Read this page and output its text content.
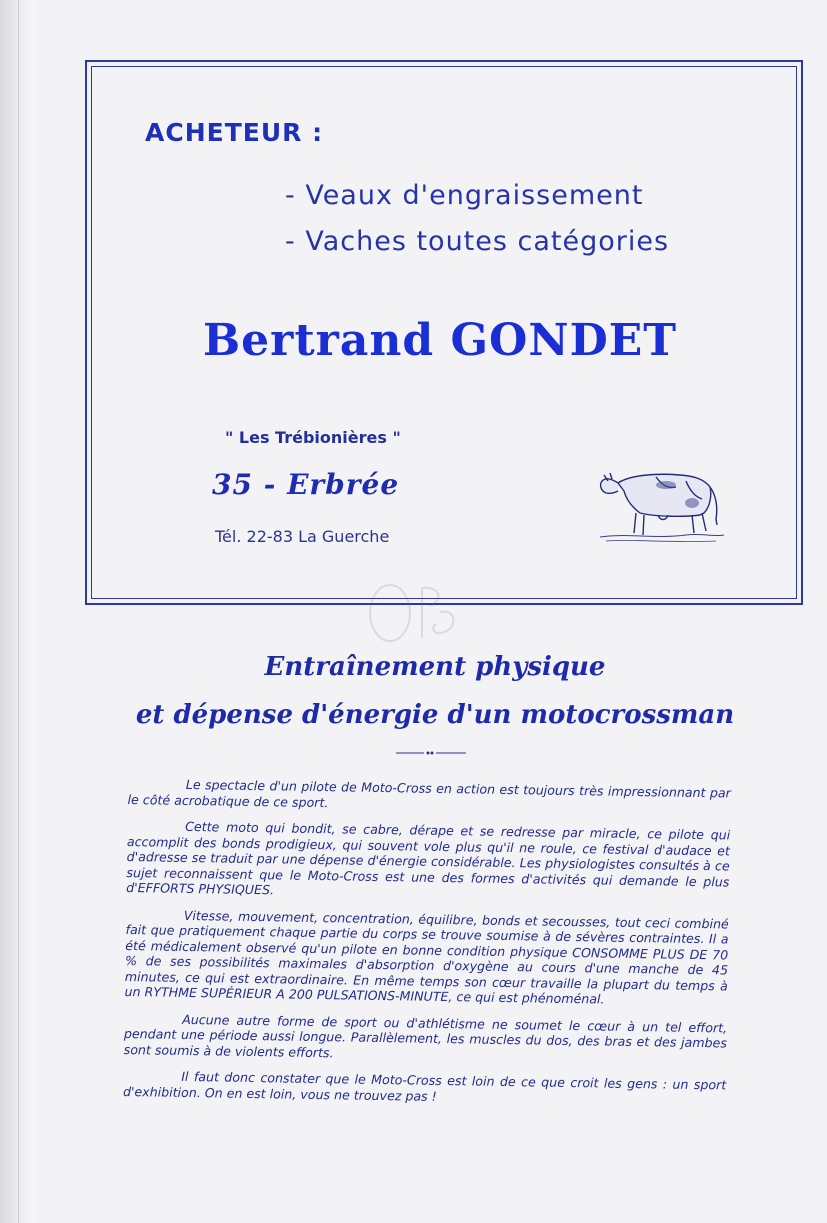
ACHETEUR :
- Veaux d'engraissement
- Vaches toutes catégories
Bertrand GONDET
" Les Trébionières "
35 - Erbrée
Tél. 22-83 La Guerche
Entraînement physique
et dépense d'énergie d'un motocrossman

Le spectacle d'un pilote de Moto-Cross en action est toujours très impressionnant par le côté acrobatique de ce sport.

Cette moto qui bondit, se cabre, dérape et se redresse par miracle, ce pilote qui accomplit des bonds prodigieux, qui souvent vole plus qu'il ne roule, ce festival d'audace et d'adresse se traduit par une dépense d'énergie considérable. Les physiologistes consultés à ce sujet reconnaissent que le Moto-Cross est une des formes d'activités qui demande le plus d'EFFORTS PHYSIQUES.

Vitesse, mouvement, concentration, équilibre, bonds et secousses, tout ceci combiné fait que pratiquement chaque partie du corps se trouve soumise à de sévères contraintes. Il a été médicalement observé qu'un pilote en bonne condition physique CONSOMME PLUS DE 70 % de ses possibilités maximales d'absorption d'oxygène au cours d'une manche de 45 minutes, ce qui est extraordinaire. En même temps son cœur travaille la plupart du temps à un RYTHME SUPÉRIEUR A 200 PULSATIONS-MINUTE, ce qui est phénoménal.

Aucune autre forme de sport ou d'athlétisme ne soumet le cœur à un tel effort, pendant une période aussi longue. Parallèlement, les muscles du dos, des bras et des jambes sont soumis à de violents efforts.

Il faut donc constater que le Moto-Cross est loin de ce que croit les gens : un sport d'exhibition. On en est loin, vous ne trouvez pas !
